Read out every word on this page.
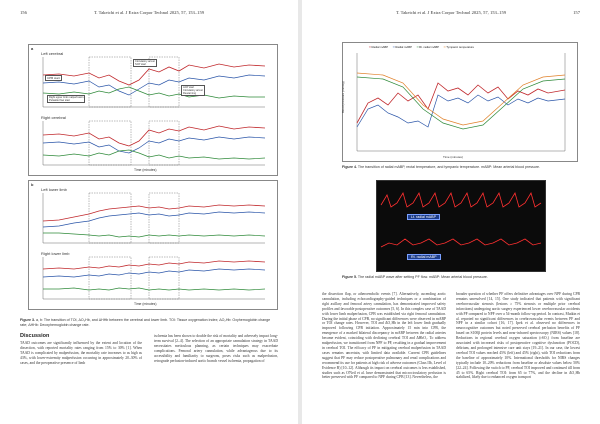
156	T. Takeichi et al. J Extra Corpor Technol 2025, 57, 153–159
a
Left cerebral
Right cerebral
Time (minutes)
CPB start
Right upper limb malperfusion
Pulsatile flow start
Circulatory arrest
SCP start
ACP start
Circulatory arrest
Rewarming
b
Left lower limb
Right lower limb
Time (minutes)
Figure 3. a, b: The transition of TOI, ΔO₂Hb, and ΔHHb between the cerebral and lower limb. TOI: Tissue oxygenation index; ΔO₂Hb: Oxyhemoglobin change rate; ΔHHb: Deoxyhemoglobin change rate.
Discussion

TAAD outcomes are significantly influenced by the extent and location of the dissection, with reported mortality rates ranging from 15% to 30% [1]. When TAAD is complicated by malperfusion, the mortality rate increases to as high as 43%, with lower-extremity malperfusion occurring in approximately 20–30% of cases, and the preoperative presence of limb

ischemia has been shown to double the risk of mortality and adversely impact long-term survival [2–4]. The selection of an appropriate cannulation strategy in TAAD necessitates meticulous planning, as certain techniques may exacerbate complications. Femoral artery cannulation, while advantageous due to its accessibility and familiarity to surgeons, poses risks such as malperfusion, retrograde perfusion-induced aortic branch vessel ischemia, propagation of

T. Takeichi et al. J Extra Corpor Technol 2025, 57, 153–159	157
━ Radial mABP ━ Radial mABP ━ Rt. radial mABP ━ Tympanic temperature
Blood pressure (mmHg)
Time (minutes)
Figure 4. The transition of radial mABP, rectal temperature, and tympanic temperature. mABP: Mean arterial blood pressure.
Lt. radial mABP
Rt. radial mABP
Figure 5. The radial mABP wave after setting PF flow. mABP: Mean arterial blood pressure.

the dissection flap, or atheroembolic events [7]. Alternatively, ascending aortic cannulation, including echocardiography-guided techniques or a combination of right axillary and femoral artery cannulation, has demonstrated improved safety profiles and favorable postoperative outcomes [5, 6]. In this complex case of TAAD with lower limb malperfusion, CPB was established via right femoral cannulation. During the initial phase of CPB, no significant differences were observed in mABP or TOI change rates. However, TOI and ΔO₂Hb in the left lower limb gradually improved following CPB initiation. Approximately 15 min into CPB, the emergence of a marked bilateral discrepancy in mABP between the radial arteries became evident, coinciding with declining cerebral TOI and ΔHbO₂. To address malperfusion, we transitioned from NPF to PF, resulting in a gradual improvement in cerebral TOI. The efficacy of PF in mitigating cerebral malperfusion in TAAD cases remains uncertain, with limited data available. Current CPB guidelines suggest that PF may reduce postoperative pulmonary and renal complications and recommend its use for patients at high risk of adverse outcomes (Class IIb, Level of Evidence B) [10–12]. Although its impact on cerebral outcomes is less established, studies such as O'Neil et al. have demonstrated that microcirculatory perfusion is better preserved with PF compared to NPF during CPB [13]. Nevertheless, the

broader question of whether PF offers definitive advantages over NPF during CPB remains unresolved [14, 15]. One study indicated that patients with significant cerebrovascular stenosis (lesions ≥ 75% stenosis or multiple prior cerebral infarctions) undergoing aortic surgery experienced lower cerebrovascular accidents with PF compared to NPF over a 54-month follow-up period. In contrast, Mutkin et al. reported no significant differences in cerebrovascular events between PF and NPF in a similar cohort [16, 17]. Ipek et al. observed no differences in neurocognitive outcomes but noted preserved cerebral perfusion benefits of PF based on S100β protein levels and near-infrared spectroscopy (NIRS) values [18]. Reductions in regional cerebral oxygen saturation (rSO₂) from baseline are associated with increased risks of postoperative cognitive dysfunction (POCD), delirium, and prolonged intensive care unit stays [19–21]. In our case, the lowest cerebral TOI values reached 45% (left) and 45% (right), with TOI reductions from the baseline of approximately 10%. International thresholds for NIRS changes typically include 10–20% reductions from baseline or absolute values below 50% [22–24]. Following the switch to PF, cerebral TOI improved and continued till from 45 to 65%. Right cerebral TOI: from 65 to 77%, and the decline in ΔO₂Hb stabilized, likely due to enhanced oxygen transport
